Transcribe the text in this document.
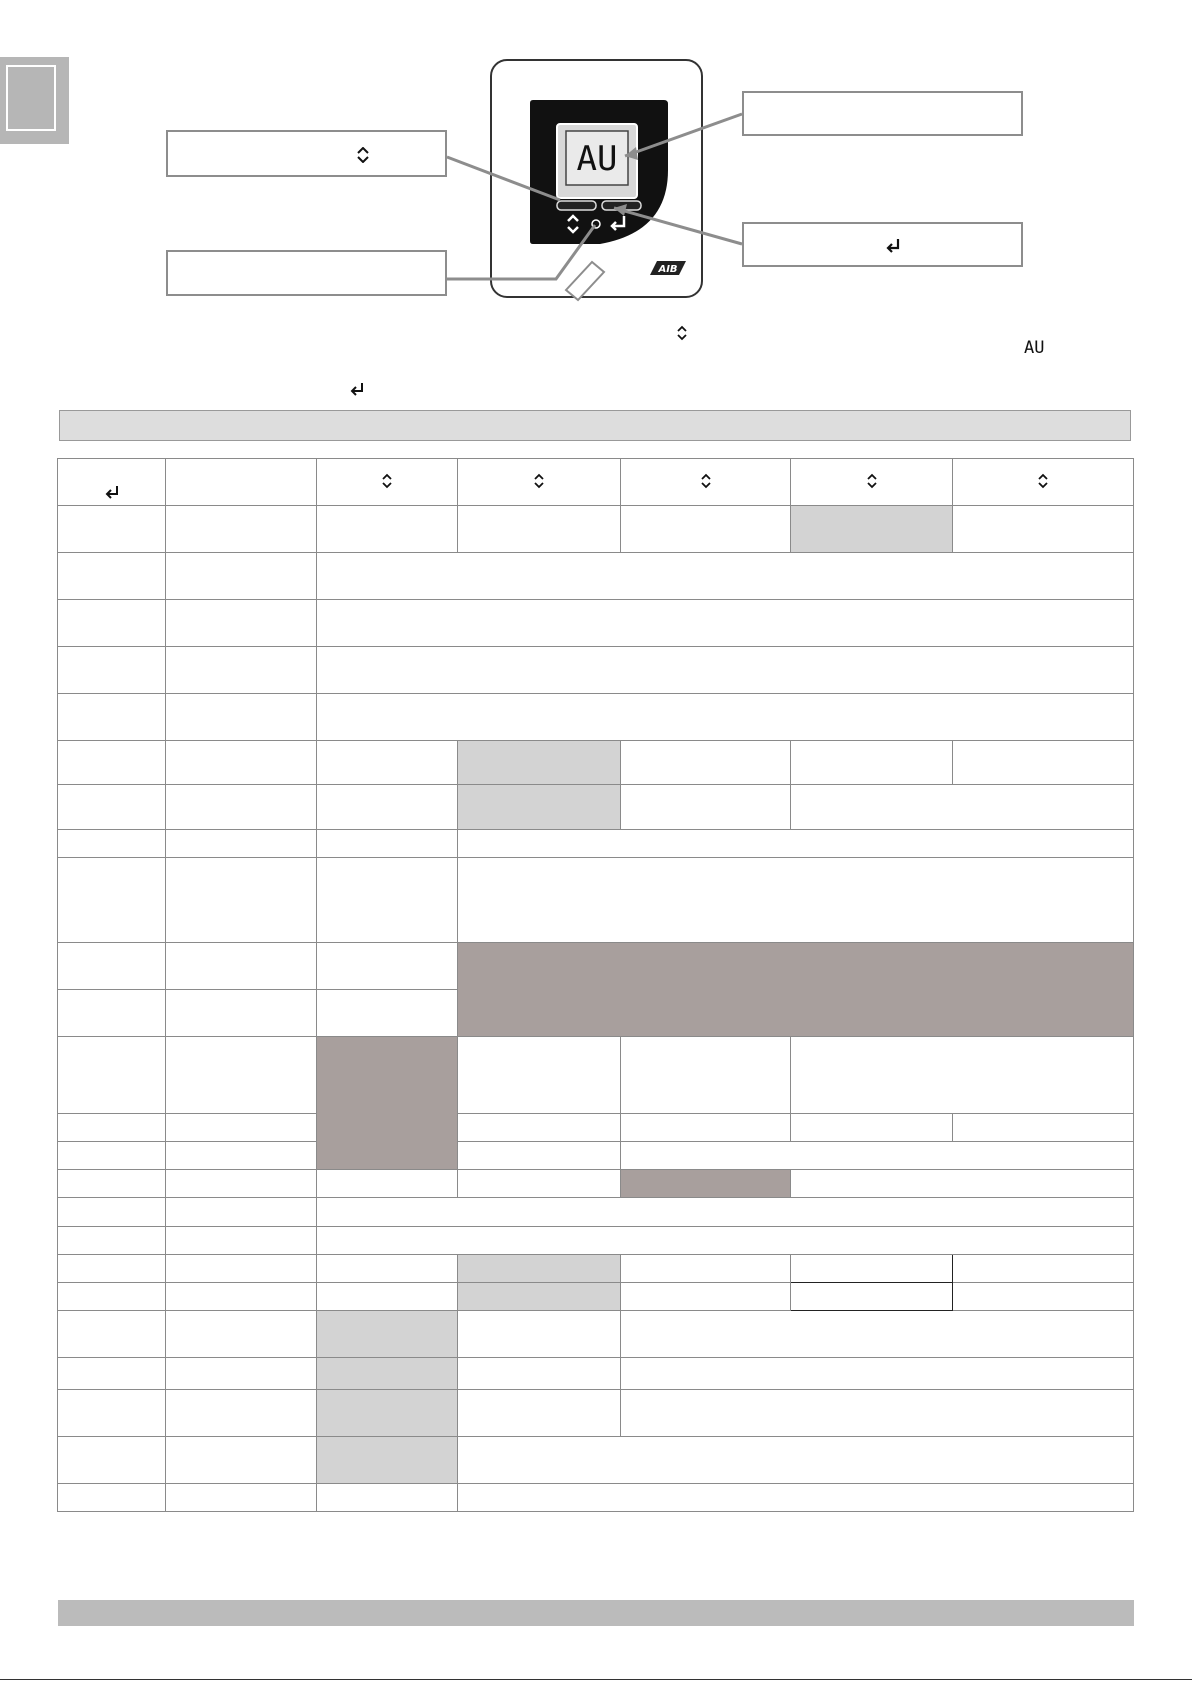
AU
AIB
AU
